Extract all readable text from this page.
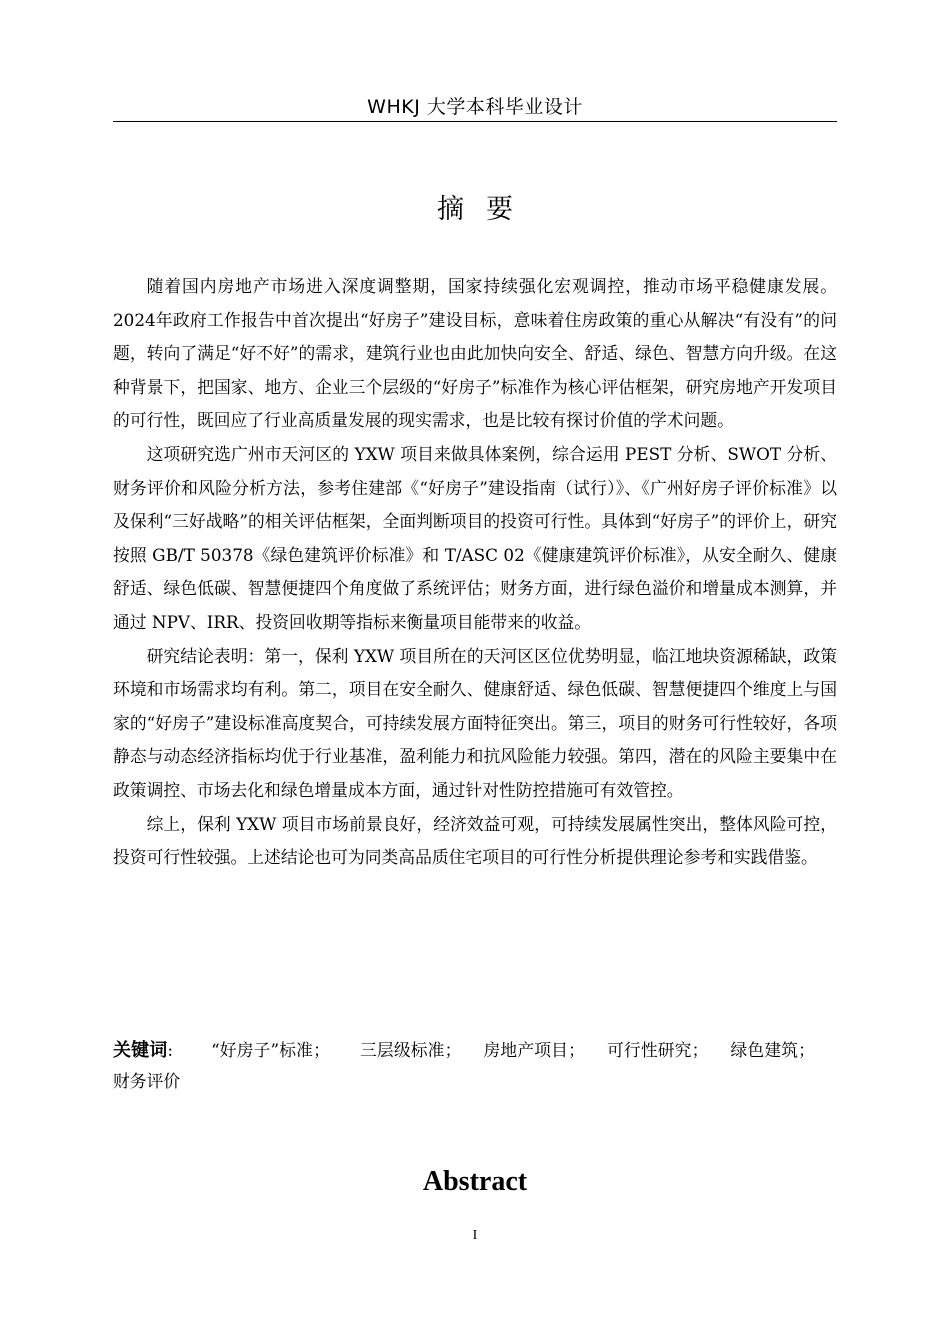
WHKJ 大学本科毕业设计
摘要

随着国内房地产市场进入深度调整期，国家持续强化宏观调控，推动市场平稳健康发展。2024年政府工作报告中首次提出“好房子”建设目标，意味着住房政策的重心从解决“有没有”的问题，转向了满足“好不好”的需求，建筑行业也由此加快向安全、舒适、绿色、智慧方向升级。在这种背景下，把国家、地方、企业三个层级的“好房子”标准作为核心评估框架，研究房地产开发项目的可行性，既回应了行业高质量发展的现实需求，也是比较有探讨价值的学术问题。

这项研究选广州市天河区的 YXW 项目来做具体案例，综合运用 PEST 分析、SWOT 分析、财务评价和风险分析方法，参考住建部《“好房子”建设指南（试行）》、《广州好房子评价标准》以及保利“三好战略”的相关评估框架，全面判断项目的投资可行性。具体到“好房子”的评价上，研究按照 GB/T 50378《绿色建筑评价标准》和 T/ASC 02《健康建筑评价标准》，从安全耐久、健康舒适、绿色低碳、智慧便捷四个角度做了系统评估；财务方面，进行绿色溢价和增量成本测算，并通过 NPV、IRR、投资回收期等指标来衡量项目能带来的收益。

研究结论表明：第一，保利 YXW 项目所在的天河区区位优势明显，临江地块资源稀缺，政策环境和市场需求均有利。第二，项目在安全耐久、健康舒适、绿色低碳、智慧便捷四个维度上与国家的“好房子”建设标准高度契合，可持续发展方面特征突出。第三，项目的财务可行性较好，各项静态与动态经济指标均优于行业基准，盈利能力和抗风险能力较强。第四，潜在的风险主要集中在政策调控、市场去化和绿色增量成本方面，通过针对性防控措施可有效管控。

综上，保利 YXW 项目市场前景良好，经济效益可观，可持续发展属性突出，整体风险可控，投资可行性较强。上述结论也可为同类高品质住宅项目的可行性分析提供理论参考和实践借鉴。

关键词: “好房子”标准； 三层级标准； 房地产项目； 可行性研究； 绿色建筑；财务评价
Abstract
I
